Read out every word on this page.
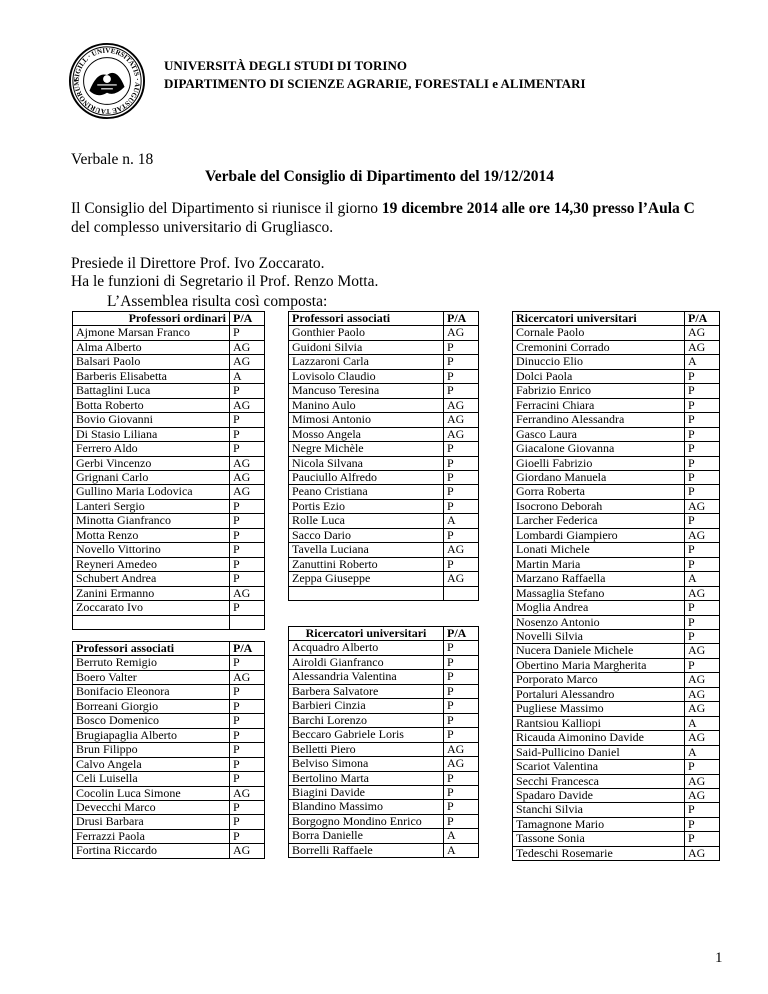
SIGILL · UNIVERSITATIS · AUGUSTAE TAURINORUM
UNIVERSITÀ DEGLI STUDI DI TORINO
DIPARTIMENTO DI SCIENZE AGRARIE, FORESTALI e ALIMENTARI
Verbale n. 18
Verbale del Consiglio di Dipartimento del 19/12/2014
Il Consiglio del Dipartimento si riunisce il giorno 19 dicembre 2014 alle ore 14,30 presso l’Aula C del complesso universitario di Grugliasco.
Presiede il Direttore Prof. Ivo Zoccarato.
Ha le funzioni di Segretario il Prof. Renzo Motta.
L’Assemblea risulta così composta:
Professori ordinari	P/A
Ajmone Marsan Franco	P
Alma Alberto	AG
Balsari Paolo	AG
Barberis Elisabetta	A
Battaglini Luca	P
Botta Roberto	AG
Bovio Giovanni	P
Di Stasio Liliana	P
Ferrero Aldo	P
Gerbi Vincenzo	AG
Grignani Carlo	AG
Gullino Maria Lodovica	AG
Lanteri Sergio	P
Minotta Gianfranco	P
Motta Renzo	P
Novello Vittorino	P
Reyneri Amedeo	P
Schubert Andrea	P
Zanini Ermanno	AG
Zoccarato Ivo	P

Professori associati	P/A
Berruto Remigio	P
Boero Valter	AG
Bonifacio Eleonora	P
Borreani Giorgio	P
Bosco Domenico	P
Brugiapaglia Alberto	P
Brun Filippo	P
Calvo Angela	P
Celi Luisella	P
Cocolin Luca Simone	AG
Devecchi Marco	P
Drusi Barbara	P
Ferrazzi Paola	P
Fortina Riccardo	AG
Professori associati	P/A
Gonthier Paolo	AG
Guidoni Silvia	P
Lazzaroni Carla	P
Lovisolo Claudio	P
Mancuso Teresina	P
Manino Aulo	AG
Mimosi Antonio	AG
Mosso Angela	AG
Negre Michèle	P
Nicola Silvana	P
Pauciullo Alfredo	P
Peano Cristiana	P
Portis Ezio	P
Rolle Luca	A
Sacco Dario	P
Tavella Luciana	AG
Zanuttini Roberto	P
Zeppa Giuseppe	AG

Ricercatori universitari	P/A
Acquadro Alberto	P
Airoldi Gianfranco	P
Alessandria Valentina	P
Barbera Salvatore	P
Barbieri Cinzia	P
Barchi Lorenzo	P
Beccaro Gabriele Loris	P
Belletti Piero	AG
Belviso Simona	AG
Bertolino Marta	P
Biagini Davide	P
Blandino Massimo	P
Borgogno Mondino Enrico	P
Borra Danielle	A
Borrelli Raffaele	A
Ricercatori universitari	P/A
Cornale Paolo	AG
Cremonini Corrado	AG
Dinuccio Elio	A
Dolci Paola	P
Fabrizio Enrico	P
Ferracini Chiara	P
Ferrandino Alessandra	P
Gasco Laura	P
Giacalone Giovanna	P
Gioelli Fabrizio	P
Giordano Manuela	P
Gorra Roberta	P
Isocrono Deborah	AG
Larcher Federica	P
Lombardi Giampiero	AG
Lonati Michele	P
Martin Maria	P
Marzano Raffaella	A
Massaglia Stefano	AG
Moglia Andrea	P
Nosenzo Antonio	P
Novelli Silvia	P
Nucera Daniele Michele	AG
Obertino Maria Margherita	P
Porporato Marco	AG
Portaluri Alessandro	AG
Pugliese Massimo	AG
Rantsiou Kalliopi	A
Ricauda Aimonino Davide	AG
Said-Pullicino Daniel	A
Scariot Valentina	P
Secchi Francesca	AG
Spadaro Davide	AG
Stanchi Silvia	P
Tamagnone Mario	P
Tassone Sonia	P
Tedeschi Rosemarie	AG
1
